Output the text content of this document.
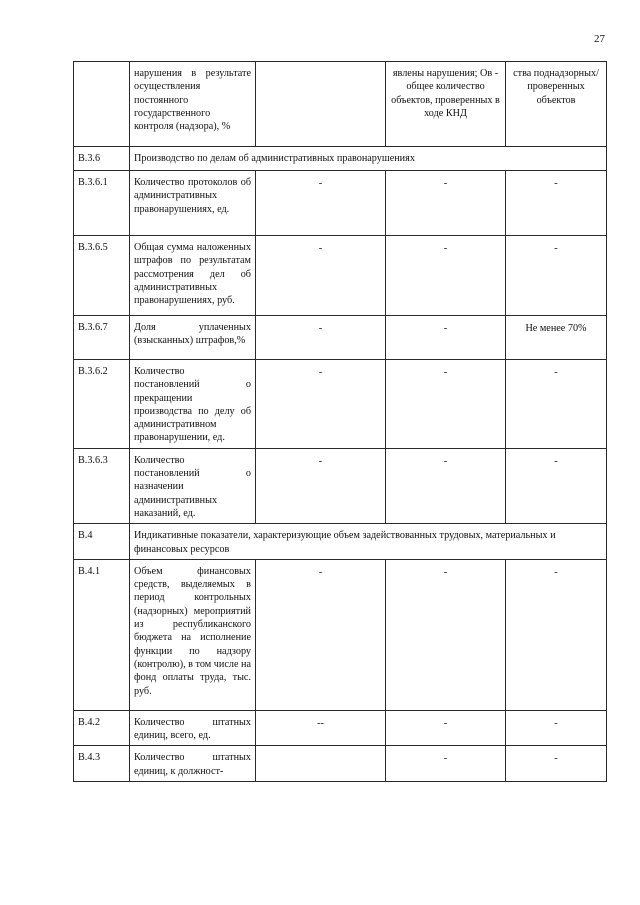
27
	нарушения в результате осуществления постоянного государственного контроля (надзора), %		явлены нарушения; Ов - общее количество объектов, проверенных в ходе КНД	ства поднадзорных/ проверенных объектов
В.3.6	Производство по делам об административных правонарушениях			
В.3.6.1	Количество протоколов об административных правонарушениях, ед.	-	-	-
В.3.6.5	Общая сумма наложенных штрафов по результатам рассмотрения дел об административных правонарушениях, руб.	-	-	-
В.3.6.7	Доля уплаченных (взысканных) штрафов,%	-	-	Не менее 70%
В.3.6.2	Количество постановлений о прекращении производства по делу об административном правонарушении, ед.	-	-	-
В.3.6.3	Количество постановлений о назначении административных наказаний, ед.	-	-	-
В.4	Индикативные показатели, характеризующие объем задействованных трудовых, материальных и финансовых ресурсов			
В.4.1	Объем финансовых средств, выделяемых в период контрольных (надзорных) мероприятий из республиканского бюджета на исполнение функции по надзору (контролю), в том числе на фонд оплаты труда, тыс. руб.	-	-	-
В.4.2	Количество штатных единиц, всего, ед.	--	-	-
В.4.3	Количество штатных единиц, к должност-		-	-
